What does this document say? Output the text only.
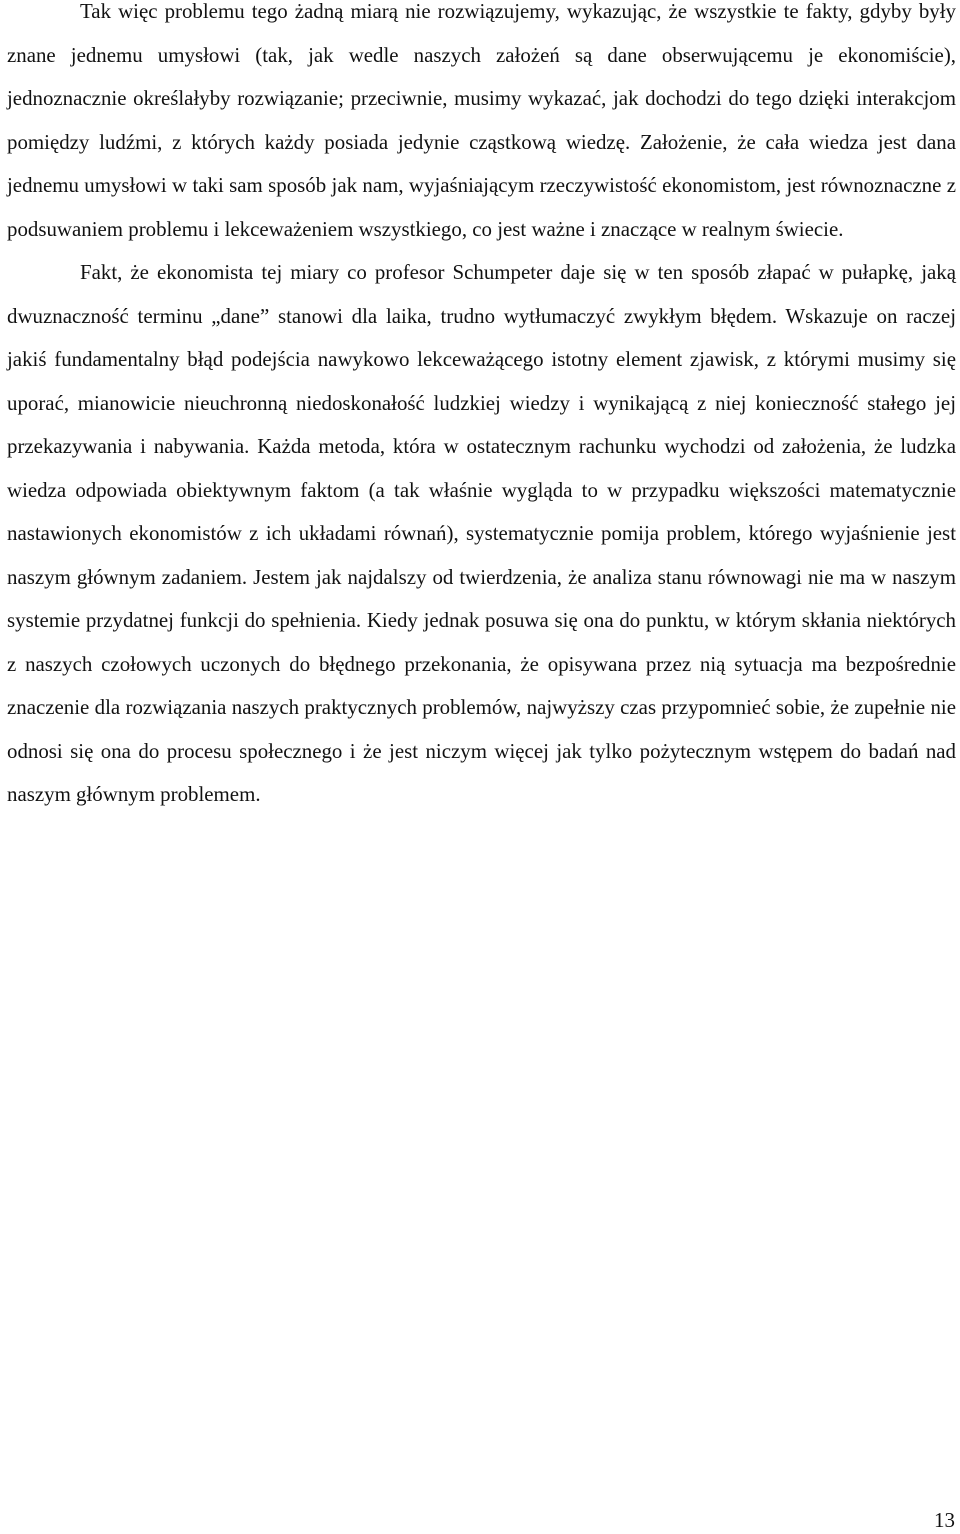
Tak więc problemu tego żadną miarą nie rozwiązujemy, wykazując, że wszystkie te fakty, gdyby były znane jednemu umysłowi (tak, jak wedle naszych założeń są dane obserwującemu je ekonomiście), jednoznacznie określałyby rozwiązanie; przeciwnie, musimy wykazać, jak dochodzi do tego dzięki interakcjom pomiędzy ludźmi, z których każdy posiada jedynie cząstkową wiedzę. Założenie, że cała wiedza jest dana jednemu umysłowi w taki sam sposób jak nam, wyjaśniającym rzeczywistość ekonomistom, jest równoznaczne z podsuwaniem problemu i lekceważeniem wszystkiego, co jest ważne i znaczące w realnym świecie.

Fakt, że ekonomista tej miary co profesor Schumpeter daje się w ten sposób złapać w pułapkę, jaką dwuznaczność terminu „dane” stanowi dla laika, trudno wytłumaczyć zwykłym błędem. Wskazuje on raczej jakiś fundamentalny błąd podejścia nawykowo lekceważącego istotny element zjawisk, z którymi musimy się uporać, mianowicie nieuchronną niedoskonałość ludzkiej wiedzy i wynikającą z niej konieczność stałego jej przekazywania i nabywania. Każda metoda, która w ostatecznym rachunku wychodzi od założenia, że ludzka wiedza odpowiada obiektywnym faktom (a tak właśnie wygląda to w przypadku większości matematycznie nastawionych ekonomistów z ich układami równań), systematycznie pomija problem, którego wyjaśnienie jest naszym głównym zadaniem. Jestem jak najdalszy od twierdzenia, że analiza stanu równowagi nie ma w naszym systemie przydatnej funkcji do spełnienia. Kiedy jednak posuwa się ona do punktu, w którym skłania niektórych z naszych czołowych uczonych do błędnego przekonania, że opisywana przez nią sytuacja ma bezpośrednie znaczenie dla rozwiązania naszych praktycznych problemów, najwyższy czas przypomnieć sobie, że zupełnie nie odnosi się ona do procesu społecznego i że jest niczym więcej jak tylko pożytecznym wstępem do badań nad naszym głównym problemem.

13
